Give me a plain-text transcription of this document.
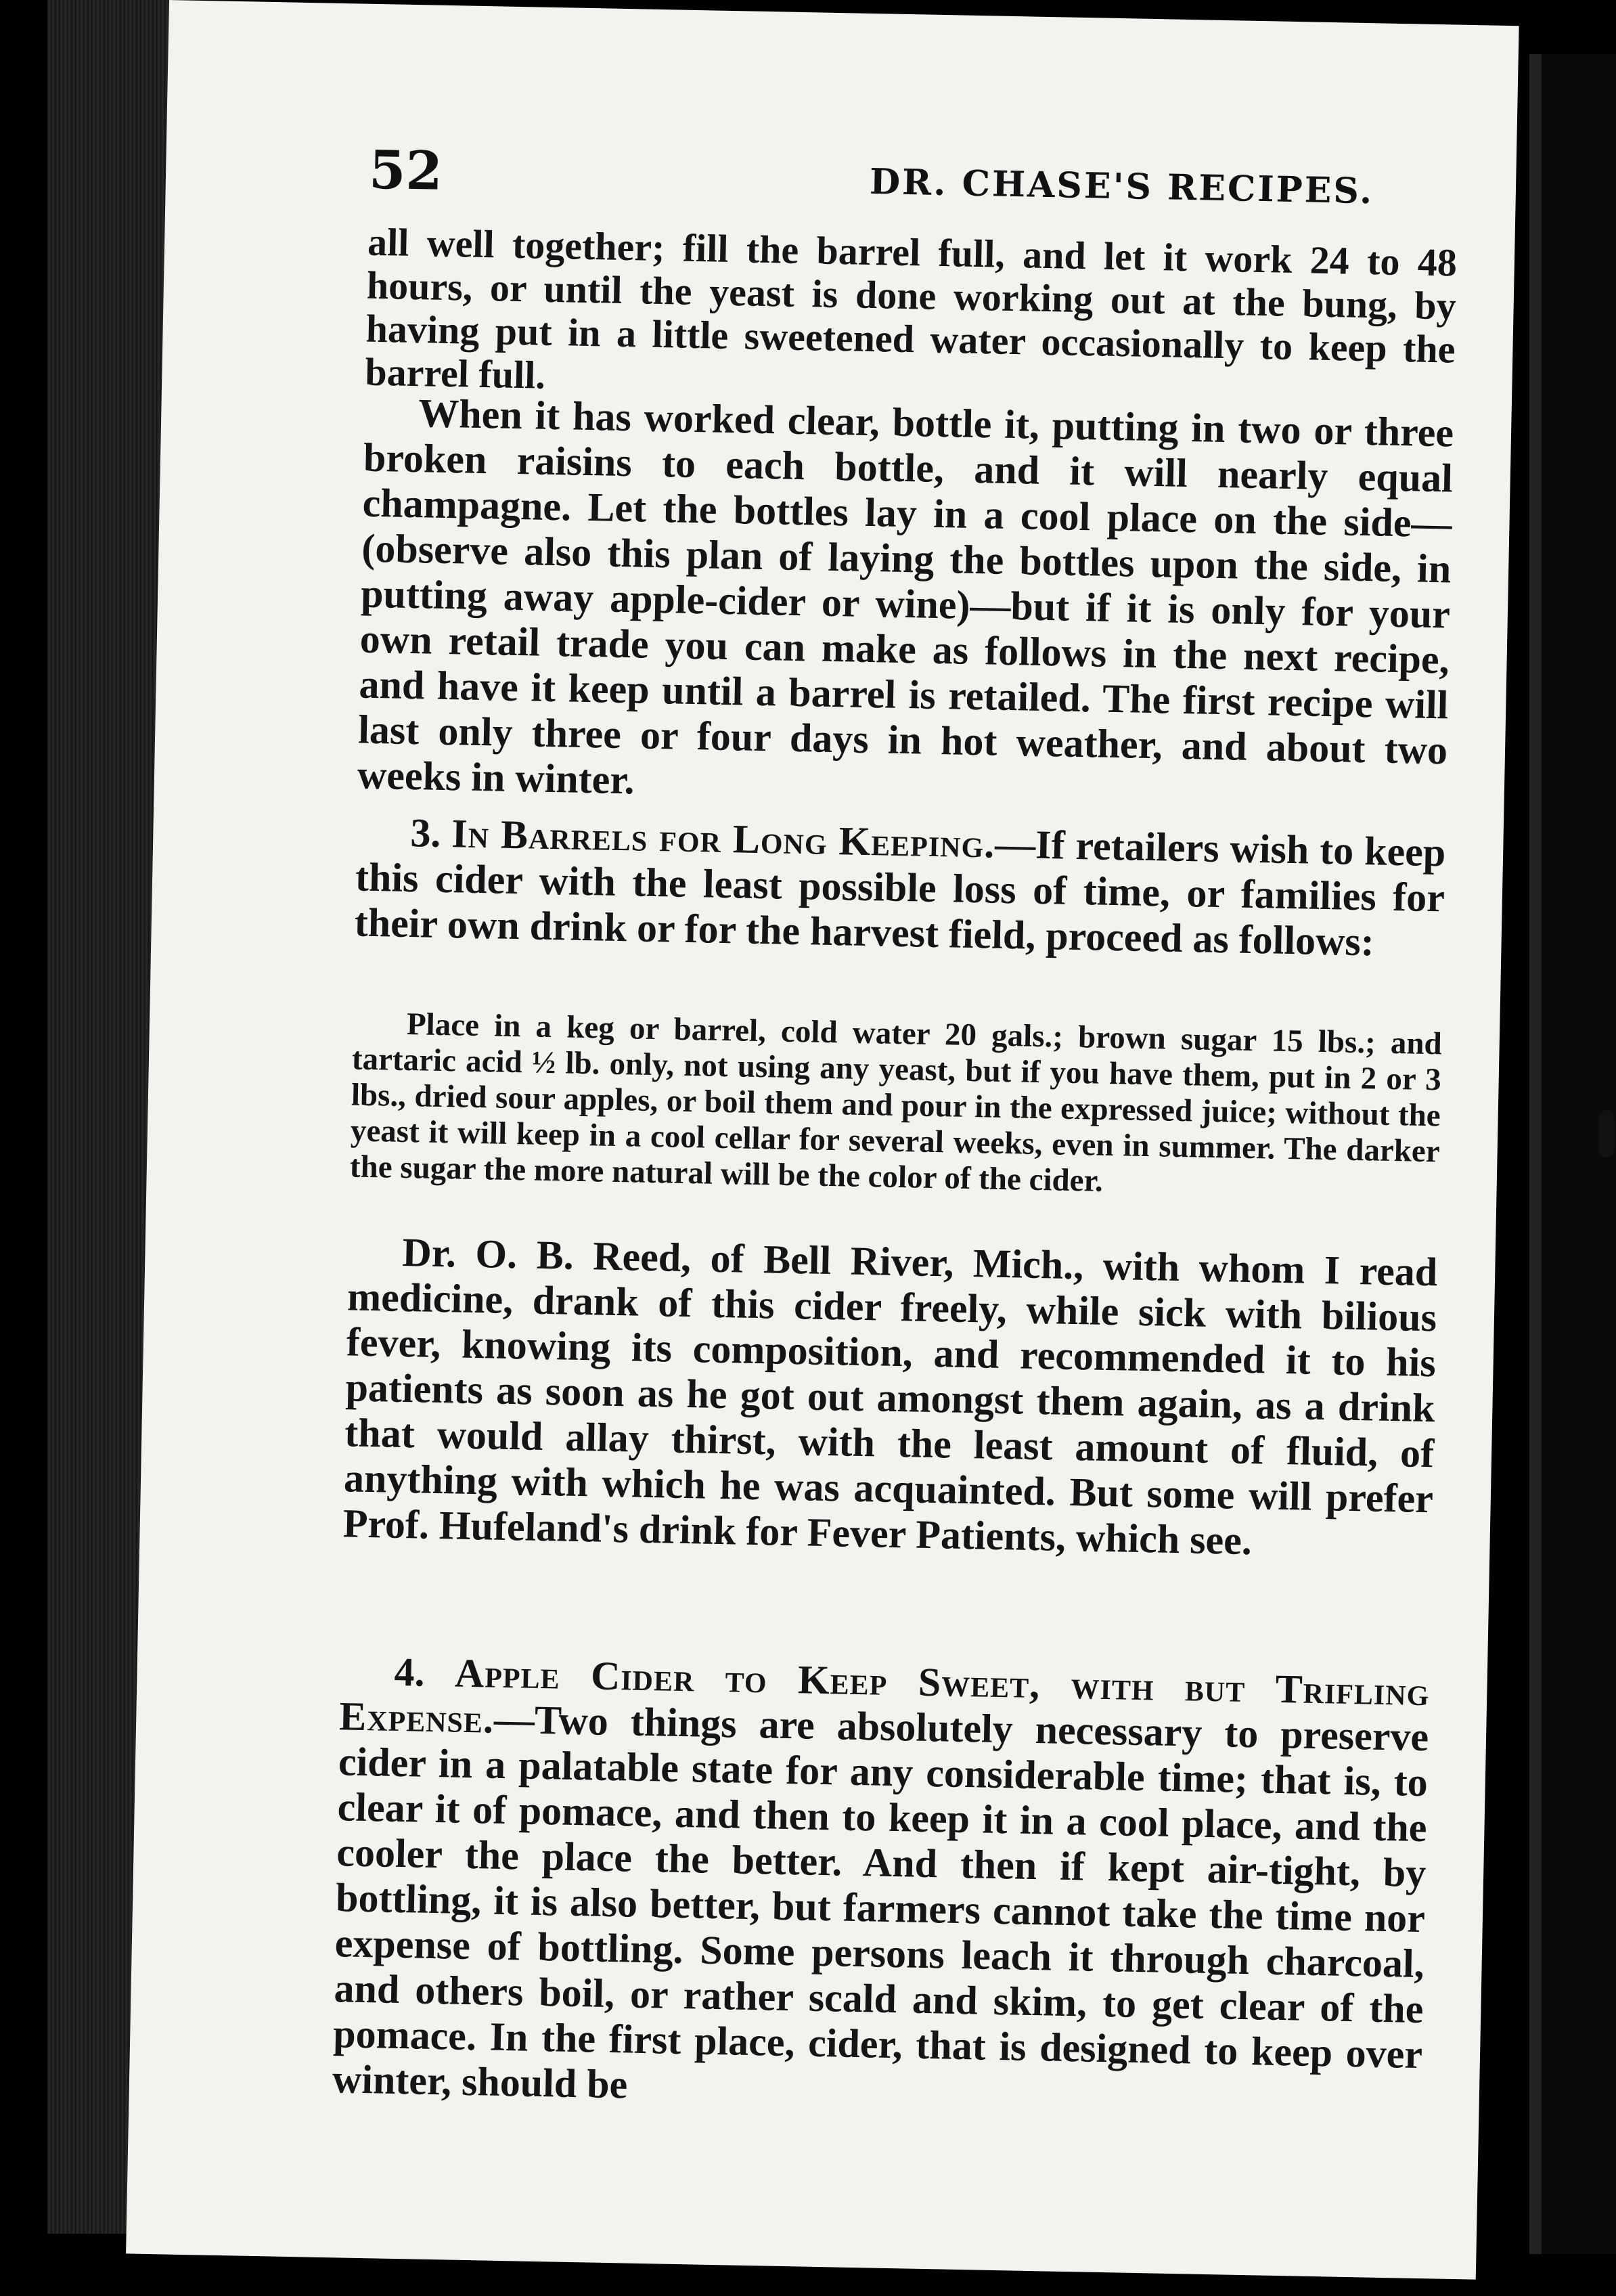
52	DR. CHASE'S RECIPES.

all well together; fill the barrel full, and let it work 24 to 48 hours, or until the yeast is done working out at the bung, by having put in a little sweetened water occasionally to keep the barrel full.

When it has worked clear, bottle it, putting in two or three broken raisins to each bottle, and it will nearly equal champagne. Let the bottles lay in a cool place on the side—(observe also this plan of laying the bottles upon the side, in putting away apple-cider or wine)—but if it is only for your own retail trade you can make as follows in the next recipe, and have it keep until a barrel is retailed. The first recipe will last only three or four days in hot weather, and about two weeks in winter.

3. In Barrels for Long Keeping.—If retailers wish to keep this cider with the least possible loss of time, or families for their own drink or for the harvest field, proceed as follows:

Place in a keg or barrel, cold water 20 gals.; brown sugar 15 lbs.; and tartaric acid ½ lb. only, not using any yeast, but if you have them, put in 2 or 3 lbs., dried sour apples, or boil them and pour in the expressed juice; without the yeast it will keep in a cool cellar for several weeks, even in summer. The darker the sugar the more natural will be the color of the cider.

Dr. O. B. Reed, of Bell River, Mich., with whom I read medicine, drank of this cider freely, while sick with bilious fever, knowing its composition, and recommended it to his patients as soon as he got out amongst them again, as a drink that would allay thirst, with the least amount of fluid, of anything with which he was acquainted. But some will prefer Prof. Hufeland's drink for Fever Patients, which see.

4. Apple Cider to Keep Sweet, with but Trifling Expense.—Two things are absolutely necessary to preserve cider in a palatable state for any considerable time; that is, to clear it of pomace, and then to keep it in a cool place, and the cooler the place the better. And then if kept air-tight, by bottling, it is also better, but farmers cannot take the time nor expense of bottling. Some persons leach it through charcoal, and others boil, or rather scald and skim, to get clear of the pomace. In the first place, cider, that is designed to keep over winter, should be
